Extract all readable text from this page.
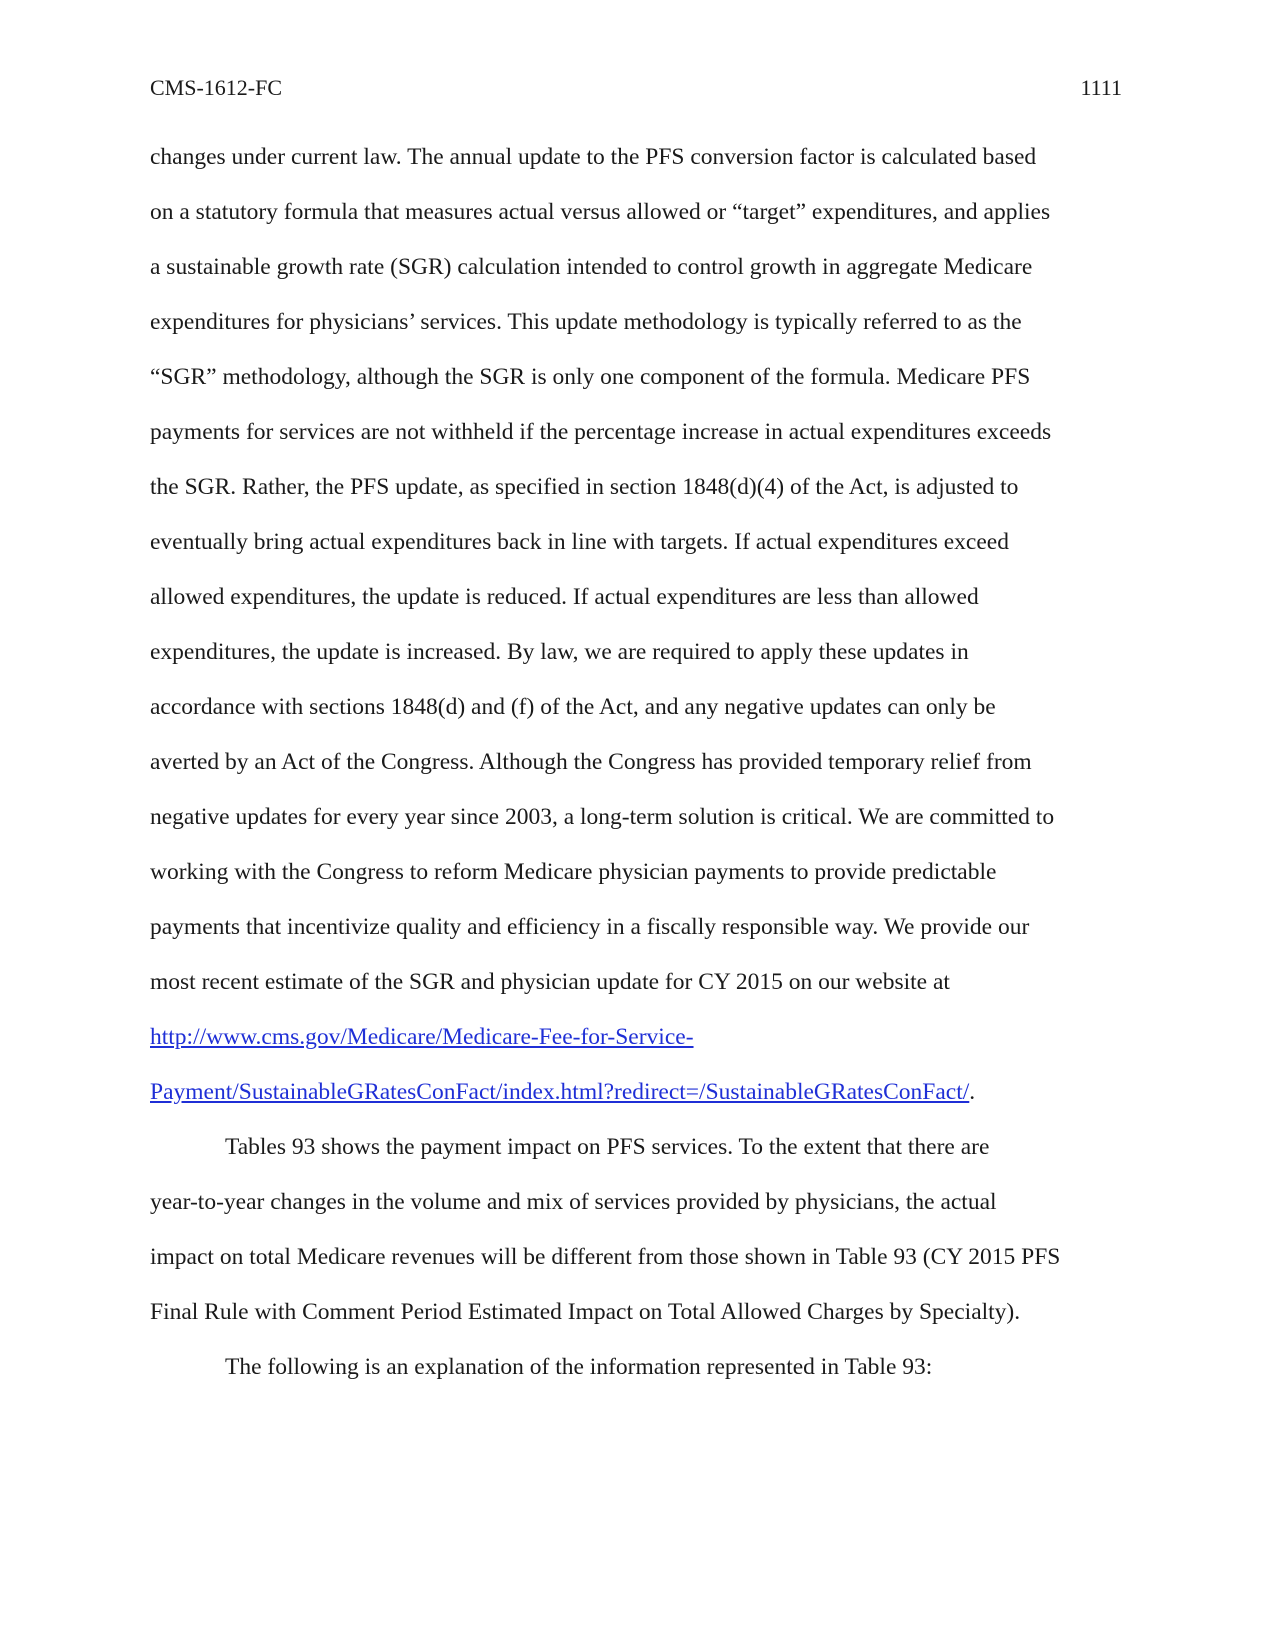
CMS-1612-FC	1111
changes under current law. The annual update to the PFS conversion factor is calculated based
on a statutory formula that measures actual versus allowed or “target” expenditures, and applies
a sustainable growth rate (SGR) calculation intended to control growth in aggregate Medicare
expenditures for physicians’ services. This update methodology is typically referred to as the
“SGR” methodology, although the SGR is only one component of the formula. Medicare PFS
payments for services are not withheld if the percentage increase in actual expenditures exceeds
the SGR. Rather, the PFS update, as specified in section 1848(d)(4) of the Act, is adjusted to
eventually bring actual expenditures back in line with targets. If actual expenditures exceed
allowed expenditures, the update is reduced. If actual expenditures are less than allowed
expenditures, the update is increased. By law, we are required to apply these updates in
accordance with sections 1848(d) and (f) of the Act, and any negative updates can only be
averted by an Act of the Congress. Although the Congress has provided temporary relief from
negative updates for every year since 2003, a long-term solution is critical. We are committed to
working with the Congress to reform Medicare physician payments to provide predictable
payments that incentivize quality and efficiency in a fiscally responsible way. We provide our
most recent estimate of the SGR and physician update for CY 2015 on our website at
http://www.cms.gov/Medicare/Medicare-Fee-for-Service-
Payment/SustainableGRatesConFact/index.html?redirect=/SustainableGRatesConFact/.
Tables 93 shows the payment impact on PFS services. To the extent that there are
year-to-year changes in the volume and mix of services provided by physicians, the actual
impact on total Medicare revenues will be different from those shown in Table 93 (CY 2015 PFS
Final Rule with Comment Period Estimated Impact on Total Allowed Charges by Specialty).
The following is an explanation of the information represented in Table 93:
